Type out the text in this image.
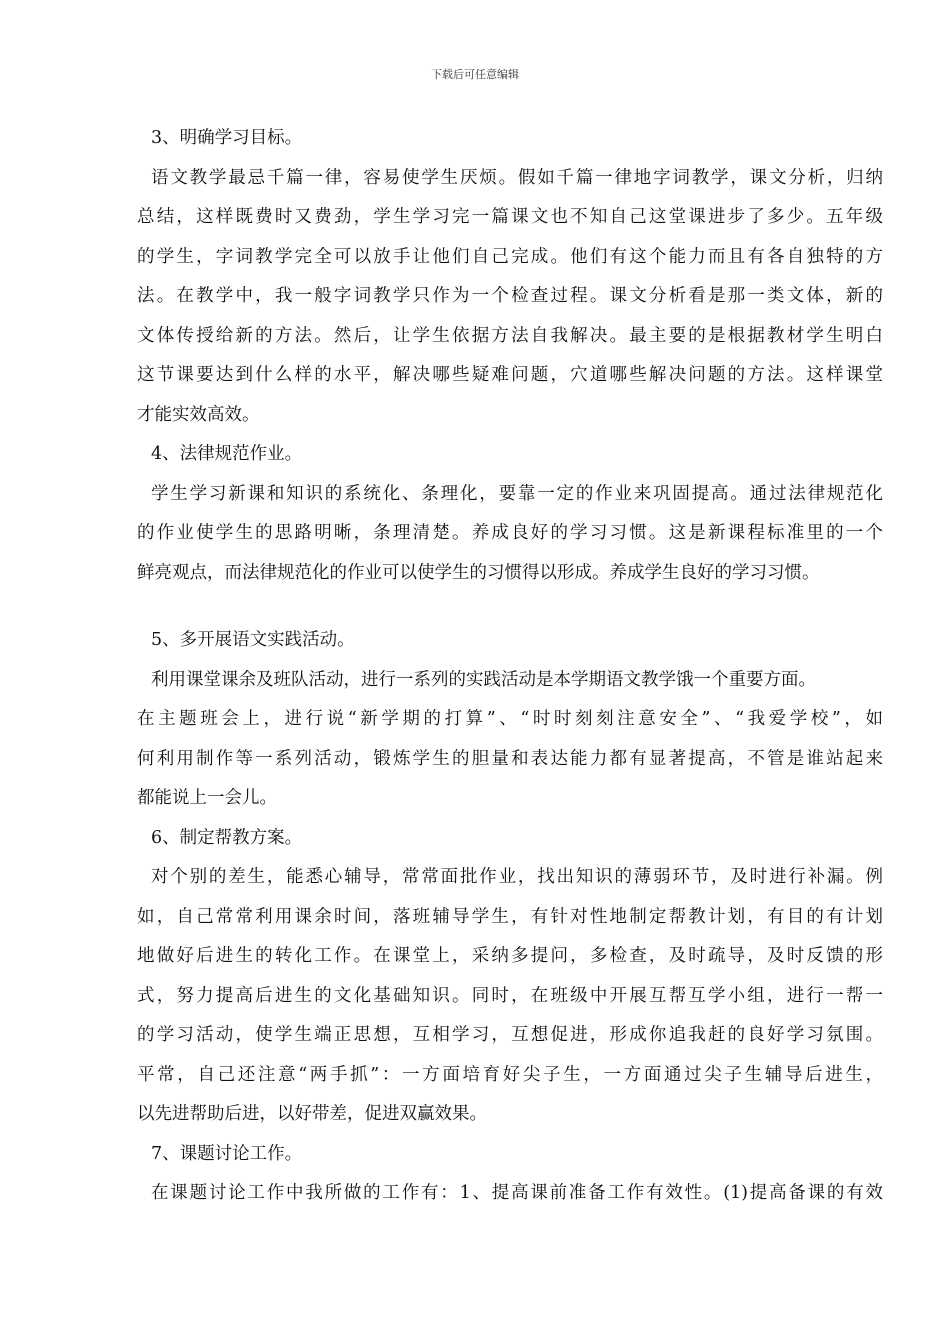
下载后可任意编辑
3、明确学习目标。
语文教学最忌千篇一律，容易使学生厌烦。假如千篇一律地字词教学，课文分析，归纳
总结，这样既费时又费劲，学生学习完一篇课文也不知自己这堂课进步了多少。五年级
的学生，字词教学完全可以放手让他们自己完成。他们有这个能力而且有各自独特的方
法。在教学中，我一般字词教学只作为一个检查过程。课文分析看是那一类文体，新的
文体传授给新的方法。然后，让学生依据方法自我解决。最主要的是根据教材学生明白
这节课要达到什么样的水平，解决哪些疑难问题，穴道哪些解决问题的方法。这样课堂
才能实效高效。
4、法律规范作业。
学生学习新课和知识的系统化、条理化，要靠一定的作业来巩固提高。通过法律规范化
的作业使学生的思路明晰，条理清楚。养成良好的学习习惯。这是新课程标准里的一个
鲜亮观点，而法律规范化的作业可以使学生的习惯得以形成。养成学生良好的学习习惯。
5、多开展语文实践活动。
利用课堂课余及班队活动，进行一系列的实践活动是本学期语文教学饿一个重要方面。
在主题班会上，进行说“新学期的打算”、“时时刻刻注意安全”、“我爱学校”，如
何利用制作等一系列活动，锻炼学生的胆量和表达能力都有显著提高，不管是谁站起来
都能说上一会儿。
6、制定帮教方案。
对个别的差生，能悉心辅导，常常面批作业，找出知识的薄弱环节，及时进行补漏。例
如，自己常常利用课余时间，落班辅导学生，有针对性地制定帮教计划，有目的有计划
地做好后进生的转化工作。在课堂上，采纳多提问，多检查，及时疏导，及时反馈的形
式，努力提高后进生的文化基础知识。同时，在班级中开展互帮互学小组，进行一帮一
的学习活动，使学生端正思想，互相学习，互想促进，形成你追我赶的良好学习氛围。
平常，自己还注意“两手抓”：一方面培育好尖子生，一方面通过尖子生辅导后进生，
以先进帮助后进，以好带差，促进双赢效果。
7、课题讨论工作。
在课题讨论工作中我所做的工作有：1、提高课前准备工作有效性。(1)提高备课的有效
